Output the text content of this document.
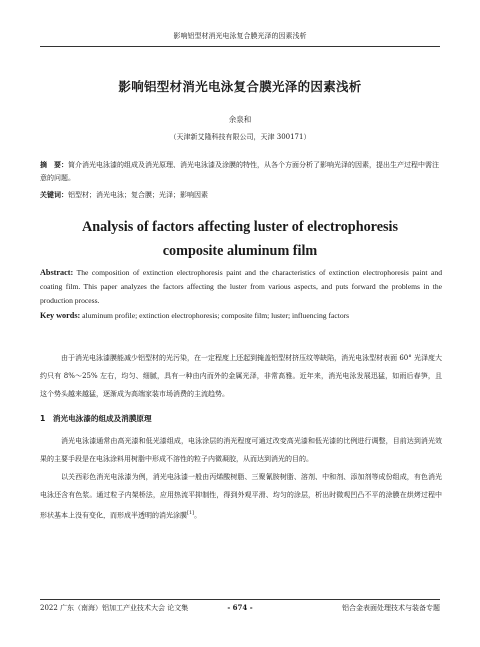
影响铝型材消光电泳复合膜光泽的因素浅析
影响铝型材消光电泳复合膜光泽的因素浅析
余泉和
（天津新艾隆科技有限公司，天津 300171）
摘　要：简介消光电泳漆的组成及消光原理、消光电泳漆及涂膜的特性，从各个方面分析了影响光泽的因素，提出生产过程中需注意的问题。
关键词：铝型材；消光电泳；复合膜；光泽；影响因素
Analysis of factors affecting luster of electrophoresis
composite aluminum film
Abstract: The composition of extinction electrophoresis paint and the characteristics of extinction electrophoresis paint and coating film. This paper analyzes the factors affecting the luster from various aspects, and puts forward the problems in the production process.
Key words: aluminum profile; extinction electrophoresis; composite film; luster; influencing factors
由于消光电泳漆膜能减少铝型材的光污染，在一定程度上还起到掩盖铝型材挤压纹等缺陷，消光电泳型材表面 60° 光泽度大约只有 8%～25% 左右，均匀、细腻，具有一种由内而外的金属光泽，非常高雅。近年来，消光电泳发展迅猛，如雨后春笋，且这个势头越来越猛，逐渐成为高端家装市场消费的主流趋势。
1　消光电泳漆的组成及消膜原理
消光电泳漆通常由高光漆和低光漆组成，电泳涂层的消光程度可通过改变高光漆和低光漆的比例进行调整，目前达到消光效果的主要手段是在电泳涂料用树脂中形成不溶性的粒子内微凝胶，从而达到消光的目的。
以关西彩色消光电泳漆为例，消光电泳漆一般由丙烯酸树脂、三聚氰胺树脂、溶剂、中和剂、添加剂等成份组成，有色消光电泳还含有色浆。通过粒子内架桥法，应用热流平抑制性，得到外观平滑、均匀的涂层，析出时微观凹凸不平的涂膜在烘烤过程中形状基本上没有变化，而形成半透明的消光涂膜[1]。
2022 广东（南海）铝加工产业技术大会 论文集	- 674 -	铝合金表面处理技术与装备专题
